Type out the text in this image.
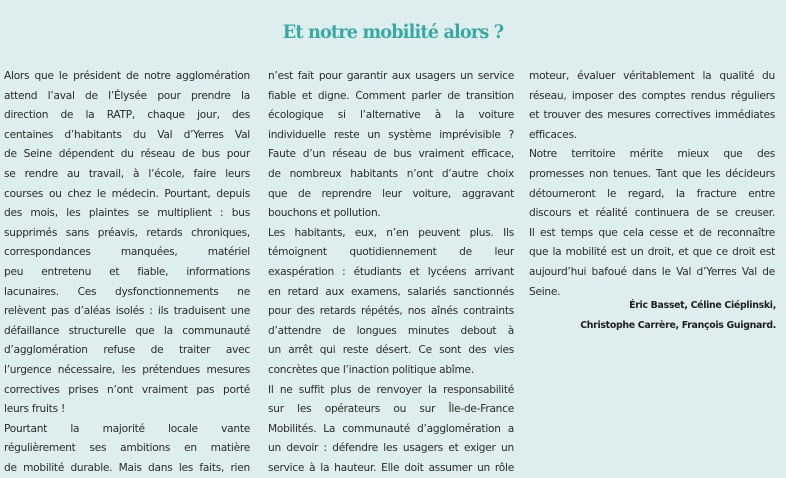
Et notre mobilité alors ?
Alors que le président de notre agglomération
attend l’aval de l’Élysée pour prendre la
direction de la RATP, chaque jour, des
centaines d’habitants du Val d’Yerres Val
de Seine dépendent du réseau de bus pour
se rendre au travail, à l’école, faire leurs
courses ou chez le médecin. Pourtant, depuis
des mois, les plaintes se multiplient : bus
supprimés sans préavis, retards chroniques,
correspondances manquées, matériel
peu entretenu et fiable, informations
lacunaires. Ces dysfonctionnements ne
relèvent pas d’aléas isolés : ils traduisent une
défaillance structurelle que la communauté
d’agglomération refuse de traiter avec
l’urgence nécessaire, les prétendues mesures
correctives prises n’ont vraiment pas porté
leurs fruits !
Pourtant la majorité locale vante
régulièrement ses ambitions en matière
de mobilité durable. Mais dans les faits, rien
n’est fait pour garantir aux usagers un service
fiable et digne. Comment parler de transition
écologique si l’alternative à la voiture
individuelle reste un système imprévisible ?
Faute d’un réseau de bus vraiment efficace,
de nombreux habitants n’ont d’autre choix
que de reprendre leur voiture, aggravant
bouchons et pollution.
Les habitants, eux, n’en peuvent plus. Ils
témoignent quotidiennement de leur
exaspération : étudiants et lycéens arrivant
en retard aux examens, salariés sanctionnés
pour des retards répétés, nos aînés contraints
d’attendre de longues minutes debout à
un arrêt qui reste désert. Ce sont des vies
concrètes que l’inaction politique abîme.
Il ne suffit plus de renvoyer la responsabilité
sur les opérateurs ou sur Île-de-France
Mobilités. La communauté d’agglomération a
un devoir : défendre les usagers et exiger un
service à la hauteur. Elle doit assumer un rôle
moteur, évaluer véritablement la qualité du
réseau, imposer des comptes rendus réguliers
et trouver des mesures correctives immédiates
efficaces.
Notre territoire mérite mieux que des
promesses non tenues. Tant que les décideurs
détourneront le regard, la fracture entre
discours et réalité continuera de se creuser.
Il est temps que cela cesse et de reconnaître
que la mobilité est un droit, et que ce droit est
aujourd’hui bafoué dans le Val d’Yerres Val de
Seine.
Éric Basset, Céline Ciéplinski,
Christophe Carrère, François Guignard.
